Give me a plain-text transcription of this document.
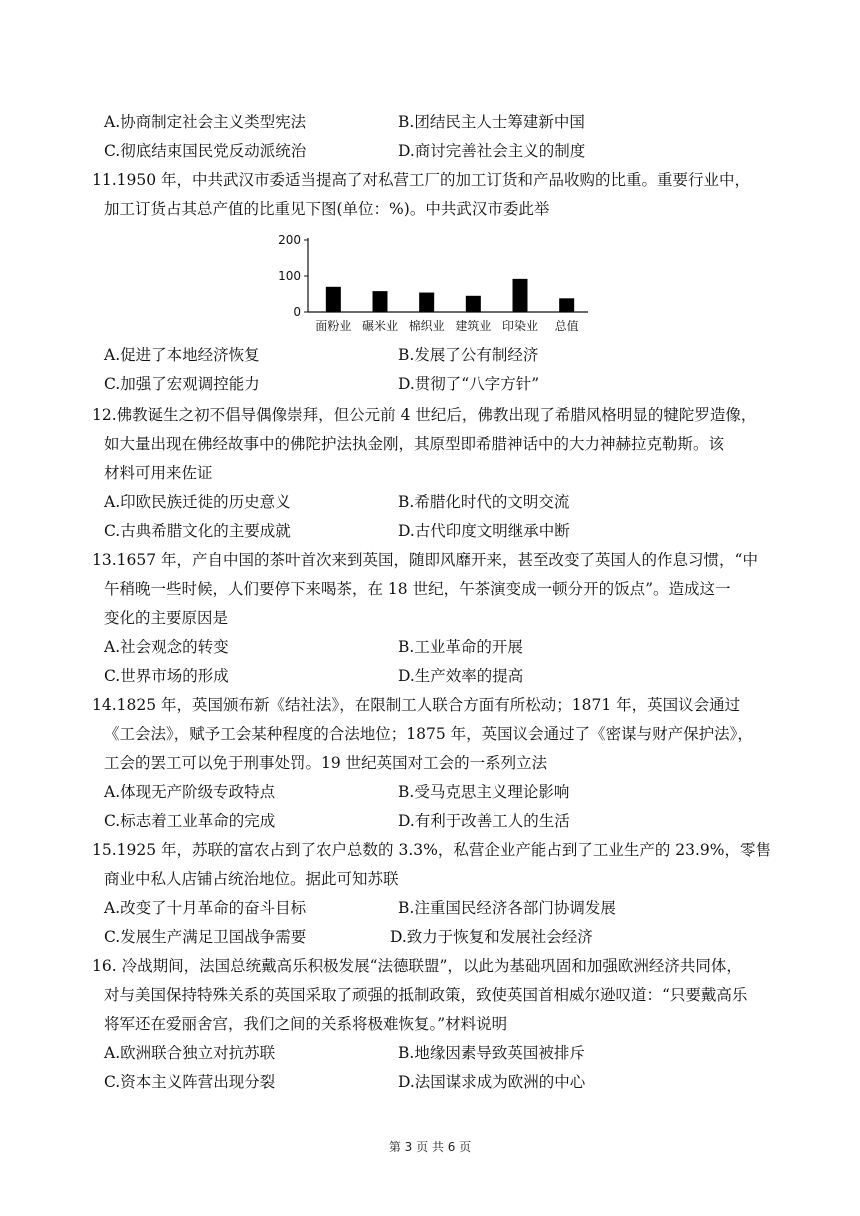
A.协商制定社会主义类型宪法	B.团结民主人士筹建新中国
C.彻底结束国民党反动派统治	D.商讨完善社会主义的制度
11.1950 年，中共武汉市委适当提高了对私营工厂的加工订货和产品收购的比重。重要行业中，
加工订货占其总产值的比重见下图(单位：%)。中共武汉市委此举
0
100
200
面粉业 碾米业 棉织业 建筑业 印染业 总值
A.促进了本地经济恢复	B.发展了公有制经济
C.加强了宏观调控能力	D.贯彻了“八字方针”
12.佛教诞生之初不倡导偶像崇拜，但公元前 4 世纪后，佛教出现了希腊风格明显的犍陀罗造像，
如大量出现在佛经故事中的佛陀护法执金刚，其原型即希腊神话中的大力神赫拉克勒斯。该
材料可用来佐证
A.印欧民族迁徙的历史意义	B.希腊化时代的文明交流
C.古典希腊文化的主要成就	D.古代印度文明继承中断
13.1657 年，产自中国的茶叶首次来到英国，随即风靡开来，甚至改变了英国人的作息习惯，“中
午稍晚一些时候，人们要停下来喝茶，在 18 世纪，午茶演变成一顿分开的饭点”。造成这一
变化的主要原因是
A.社会观念的转变	B.工业革命的开展
C.世界市场的形成	D.生产效率的提高
14.1825 年，英国颁布新《结社法》，在限制工人联合方面有所松动；1871 年，英国议会通过
《工会法》，赋予工会某种程度的合法地位；1875 年，英国议会通过了《密谋与财产保护法》，
工会的罢工可以免于刑事处罚。19 世纪英国对工会的一系列立法
A.体现无产阶级专政特点	B.受马克思主义理论影响
C.标志着工业革命的完成	D.有利于改善工人的生活
15.1925 年，苏联的富农占到了农户总数的 3.3%，私营企业产能占到了工业生产的 23.9%，零售
商业中私人店铺占统治地位。据此可知苏联
A.改变了十月革命的奋斗目标	B.注重国民经济各部门协调发展
C.发展生产满足卫国战争需要	D.致力于恢复和发展社会经济
16. 冷战期间，法国总统戴高乐积极发展“法德联盟”，以此为基础巩固和加强欧洲经济共同体，
对与美国保持特殊关系的英国采取了顽强的抵制政策，致使英国首相威尔逊叹道：“只要戴高乐
将军还在爱丽舍宫，我们之间的关系将极难恢复。”材料说明
A.欧洲联合独立对抗苏联	B.地缘因素导致英国被排斥
C.资本主义阵营出现分裂	D.法国谋求成为欧洲的中心
第 3 页 共 6 页
